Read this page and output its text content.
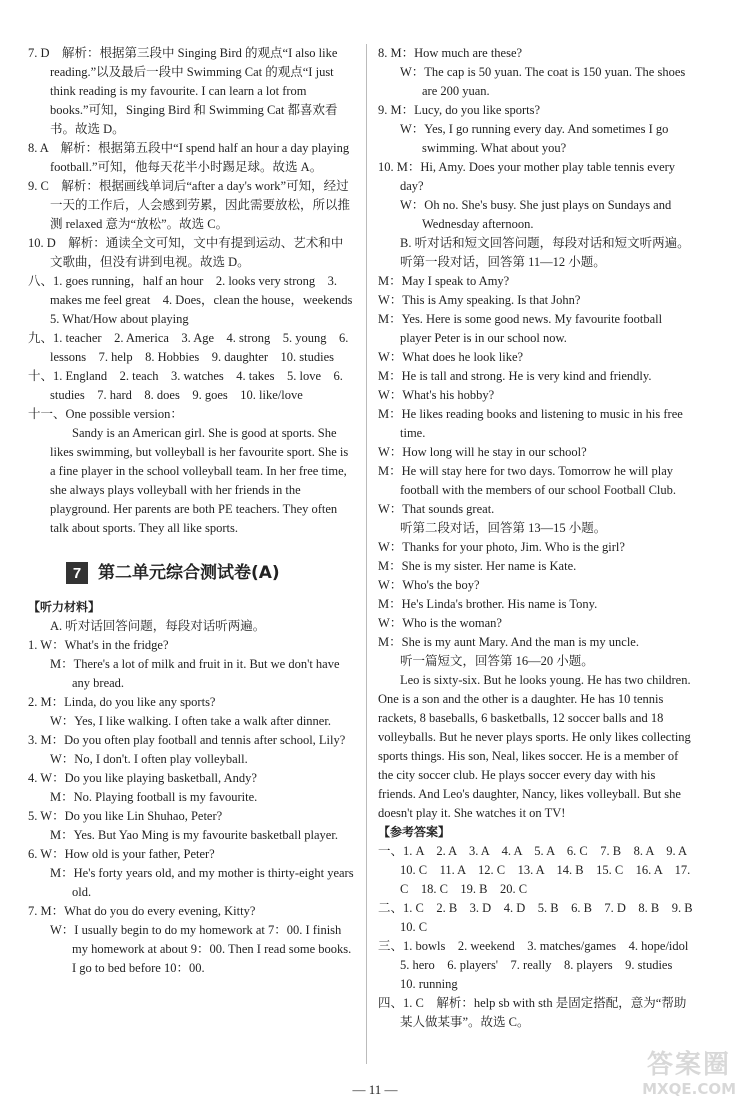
7. D　解析：根据第三段中 Singing Bird 的观点“I also like reading.”以及最后一段中 Swimming Cat 的观点“I just think reading is my favourite. I can learn a lot from books.”可知，Singing Bird 和 Swimming Cat 都喜欢看书。故选 D。
8. A　解析：根据第五段中“I spend half an hour a day playing football.”可知，他每天花半小时踢足球。故选 A。
9. C　解析：根据画线单词后“after a day's work”可知，经过一天的工作后，人会感到劳累，因此需要放松，所以推测 relaxed 意为“放松”。故选 C。
10. D　解析：通读全文可知，文中有提到运动、艺术和中文歌曲，但没有讲到电视。故选 D。
八、1. goes running，half an hour　2. looks very strong　3. makes me feel great　4. Does，clean the house，weekends　5. What/How about playing
九、1. teacher　2. America　3. Age　4. strong　5. young　6. lessons　7. help　8. Hobbies　9. daughter　10. studies
十、1. England　2. teach　3. watches　4. takes　5. love　6. studies　7. hard　8. does　9. goes　10. like/love
十一、One possible version：
Sandy is an American girl. She is good at sports. She likes swimming, but volleyball is her favourite sport. She is a fine player in the school volleyball team. In her free time, she always plays volleyball with her friends in the playground. Her parents are both PE teachers. They often talk about sports. They all like sports.
7 第二单元综合测试卷(A)
【听力材料】
A. 听对话回答问题，每段对话听两遍。
1. W：What's in the fridge?
M：There's a lot of milk and fruit in it. But we don't have any bread.
2. M：Linda, do you like any sports?
W：Yes, I like walking. I often take a walk after dinner.
3. M：Do you often play football and tennis after school, Lily?
W：No, I don't. I often play volleyball.
4. W：Do you like playing basketball, Andy?
M：No. Playing football is my favourite.
5. W：Do you like Lin Shuhao, Peter?
M：Yes. But Yao Ming is my favourite basketball player.
6. W：How old is your father, Peter?
M：He's forty years old, and my mother is thirty-eight years old.
7. M：What do you do every evening, Kitty?
W：I usually begin to do my homework at 7：00. I finish my homework at about 9：00. Then I read some books. I go to bed before 10：00.
8. M：How much are these?
W：The cap is 50 yuan. The coat is 150 yuan. The shoes are 200 yuan.
9. M：Lucy, do you like sports?
W：Yes, I go running every day. And sometimes I go swimming. What about you?
10. M：Hi, Amy. Does your mother play table tennis every day?
W：Oh no. She's busy. She just plays on Sundays and Wednesday afternoon.
B. 听对话和短文回答问题，每段对话和短文听两遍。
听第一段对话，回答第 11—12 小题。
M：May I speak to Amy?
W：This is Amy speaking. Is that John?
M：Yes. Here is some good news. My favourite football player Peter is in our school now.
W：What does he look like?
M：He is tall and strong. He is very kind and friendly.
W：What's his hobby?
M：He likes reading books and listening to music in his free time.
W：How long will he stay in our school?
M：He will stay here for two days. Tomorrow he will play football with the members of our school Football Club.
W：That sounds great.
听第二段对话，回答第 13—15 小题。
W：Thanks for your photo, Jim. Who is the girl?
M：She is my sister. Her name is Kate.
W：Who's the boy?
M：He's Linda's brother. His name is Tony.
W：Who is the woman?
M：She is my aunt Mary. And the man is my uncle.
听一篇短文，回答第 16—20 小题。
Leo is sixty-six. But he looks young. He has two children. One is a son and the other is a daughter. He has 10 tennis rackets, 8 baseballs, 6 basketballs, 12 soccer balls and 18 volleyballs. But he never plays sports. He only likes collecting sports things. His son, Neal, likes soccer. He is a member of the city soccer club. He plays soccer every day with his friends. And Leo's daughter, Nancy, likes volleyball. But she doesn't play it. She watches it on TV!
【参考答案】
一、1. A　2. A　3. A　4. A　5. A　6. C　7. B　8. A　9. A　10. C　11. A　12. C　13. A　14. B　15. C　16. A　17. C　18. C　19. B　20. C
二、1. C　2. B　3. D　4. D　5. B　6. B　7. D　8. B　9. B　10. C
三、1. bowls　2. weekend　3. matches/games　4. hope/idol　5. hero　6. players'　7. really　8. players　9. studies　10. running
四、1. C　解析：help sb with sth 是固定搭配，意为“帮助某人做某事”。故选 C。
— 11 —
答案圈
MXQE.COM
